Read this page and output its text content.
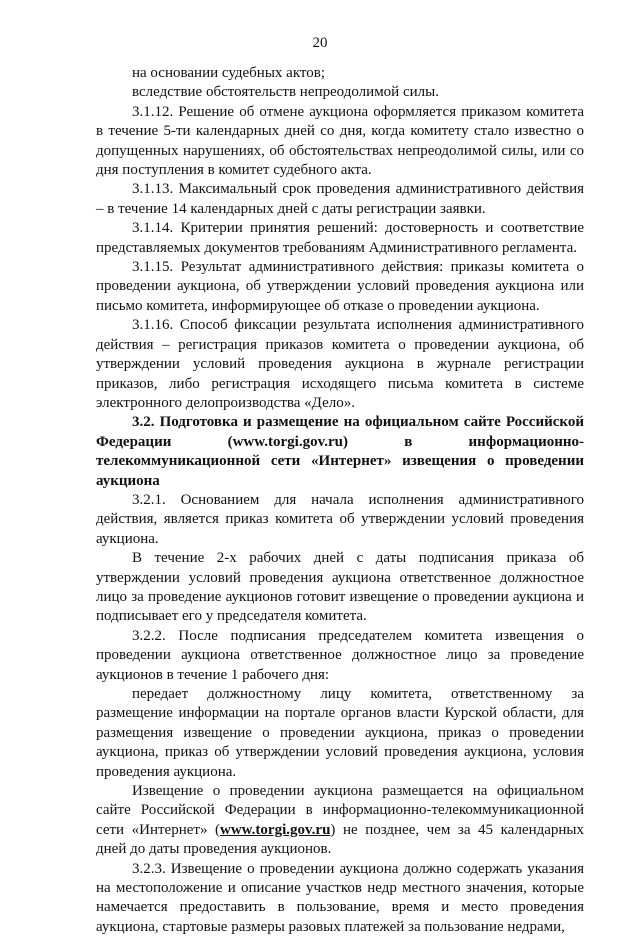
20

на основании судебных актов;

вследствие обстоятельств непреодолимой силы.

3.1.12. Решение об отмене аукциона оформляется приказом комитета в течение 5-ти календарных дней со дня, когда комитету стало известно о допущенных нарушениях, об обстоятельствах непреодолимой силы, или со дня поступления в комитет судебного акта.

3.1.13. Максимальный срок проведения административного действия – в течение 14 календарных дней с даты регистрации заявки.

3.1.14. Критерии принятия решений: достоверность и соответствие представляемых документов требованиям Административного регламента.

3.1.15. Результат административного действия: приказы комитета о проведении аукциона, об утверждении условий проведения аукциона или письмо комитета, информирующее об отказе о проведении аукциона.

3.1.16. Способ фиксации результата исполнения административного действия – регистрация приказов комитета о проведении аукциона, об утверждении условий проведения аукциона в журнале регистрации приказов, либо регистрация исходящего письма комитета в системе электронного делопроизводства «Дело».

3.2. Подготовка и размещение на официальном сайте Российской Федерации (www.torgi.gov.ru) в информационно-телекоммуникационной сети «Интернет» извещения о проведении аукциона

3.2.1. Основанием для начала исполнения административного действия, является приказ комитета об утверждении условий проведения аукциона.

В течение 2-х рабочих дней с даты подписания приказа об утверждении условий проведения аукциона ответственное должностное лицо за проведение аукционов готовит извещение о проведении аукциона и подписывает его у председателя комитета.

3.2.2. После подписания председателем комитета извещения о проведении аукциона ответственное должностное лицо за проведение аукционов в течение 1 рабочего дня:

передает должностному лицу комитета, ответственному за размещение информации на портале органов власти Курской области, для размещения извещение о проведении аукциона, приказ о проведении аукциона, приказ об утверждении условий проведения аукциона, условия проведения аукциона.

Извещение о проведении аукциона размещается на официальном сайте Российской Федерации в информационно-телекоммуникационной сети «Интернет» (www.torgi.gov.ru) не позднее, чем за 45 календарных дней до даты проведения аукционов.

3.2.3. Извещение о проведении аукциона должно содержать указания на местоположение и описание участков недр местного значения, которые намечается предоставить в пользование, время и место проведения аукциона, стартовые размеры разовых платежей за пользование недрами,
